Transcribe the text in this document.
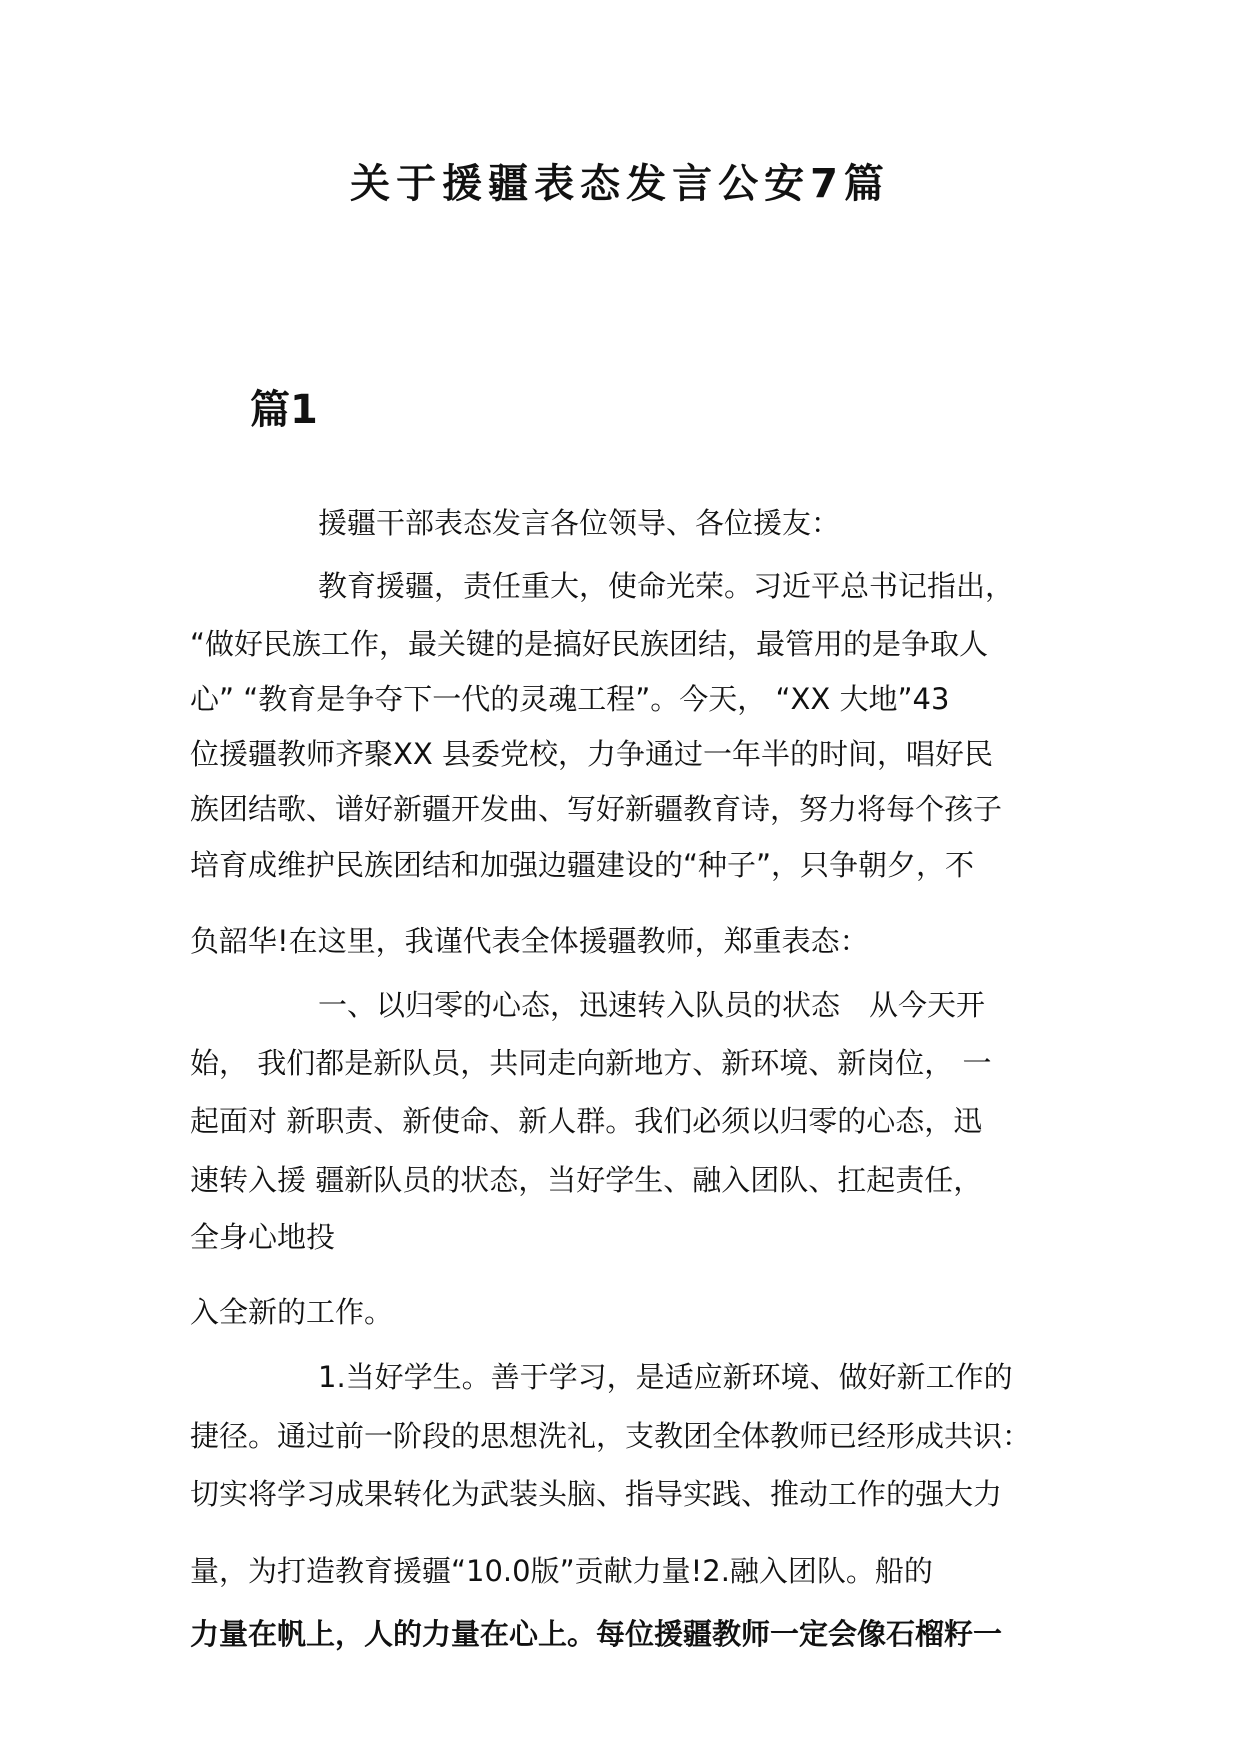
关于援疆表态发言公安7篇
篇1

援疆干部表态发言各位领导、各位援友：

教育援疆，责任重大，使命光荣。习近平总书记指出，

“做好民族工作，最关键的是搞好民族团结，最管用的是争取人

心” “教育是争夺下一代的灵魂工程”。今天， “XX 大地”43

位援疆教师齐聚XX 县委党校，力争通过一年半的时间，唱好民

族团结歌、谱好新疆开发曲、写好新疆教育诗，努力将每个孩子

培育成维护民族团结和加强边疆建设的“种子”，只争朝夕，不

负韶华!在这里，我谨代表全体援疆教师，郑重表态：

一、以归零的心态，迅速转入队员的状态　从今天开

始， 我们都是新队员，共同走向新地方、新环境、新岗位， 一

起面对 新职责、新使命、新人群。我们必须以归零的心态，迅

速转入援 疆新队员的状态，当好学生、融入团队、扛起责任，

全身心地投

入全新的工作。

1.当好学生。善于学习，是适应新环境、做好新工作的

捷径。通过前一阶段的思想洗礼，支教团全体教师已经形成共识：

切实将学习成果转化为武装头脑、指导实践、推动工作的强大力

量，为打造教育援疆“10.0版”贡献力量!2.融入团队。船的

力量在帆上，人的力量在心上。每位援疆教师一定会像石榴籽一
